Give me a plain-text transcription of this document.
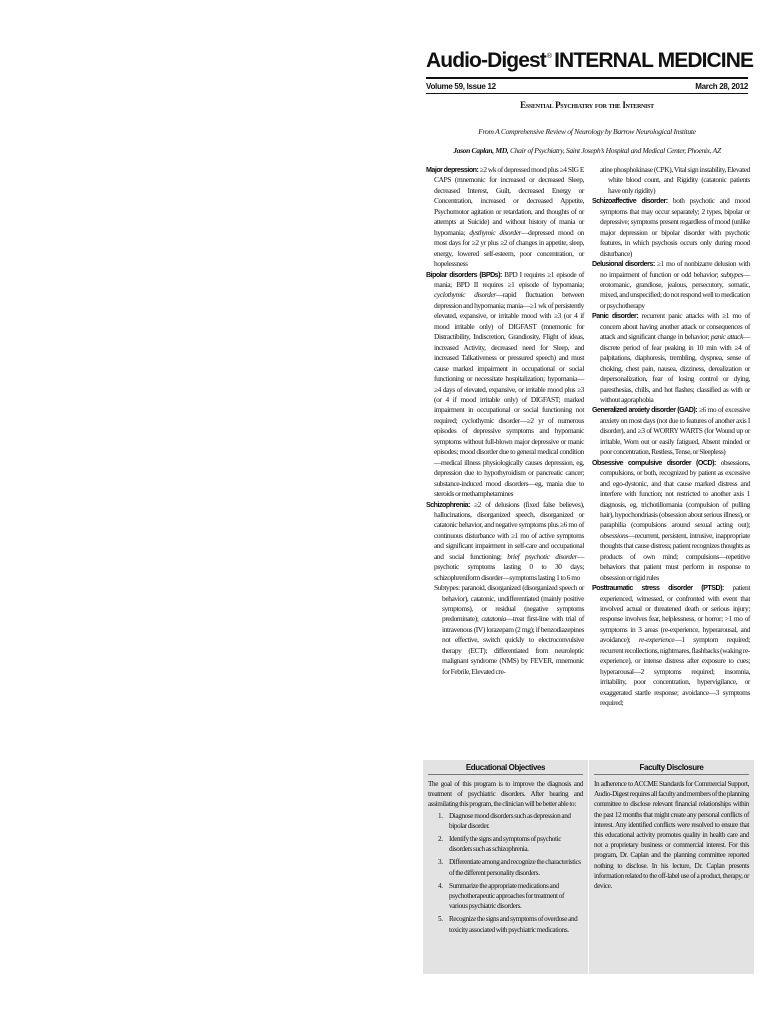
Audio-Digest® INTERNAL MEDICINE
Volume 59, Issue 12	March 28, 2012
Essential Psychiatry for the Internist
From A Comprehensive Review of Neurology by Barrow Neurological Institute
Jason Caplan, MD, Chair of Psychiatry, Saint Joseph’s Hospital and Medical Center, Phoenix, AZ

Major depression: ≥2 wk of depressed mood plus ≥4 SIG E CAPS (mnemonic for increased or decreased Sleep, decreased Interest, Guilt, decreased Energy or Concentration, increased or decreased Appetite, Psychomotor agitation or retardation, and thoughts of or attempts at Suicide) and without history of mania or hypomania; dysthymic disorder—depressed mood on most days for ≥2 yr plus ≥2 of changes in appetite, sleep, energy, lowered self-esteem, poor concentration, or hopelessness

Bipolar disorders (BPDs): BPD I requires ≥1 episode of mania; BPD II requires ≥1 episode of hypomania; cyclothymic disorder—rapid fluctuation between depression and hypomania; mania—≥1 wk of persistently elevated, expansive, or irritable mood with ≥3 (or 4 if mood irritable only) of DIGFAST (mnemonic for Distractibility, Indiscretion, Grandiosity, Flight of ideas, increased Activity, decreased need for Sleep, and increased Talkativeness or pressured speech) and must cause marked impairment in occupational or social functioning or necessitate hospitalization; hypomania—≥4 days of elevated, expansive, or irritable mood plus ≥3 (or 4 if mood irritable only) of DIGFAST; marked impairment in occupational or social functioning not required; cyclothymic disorder—≥2 yr of numerous episodes of depressive symptoms and hypomanic symptoms without full-blown major depressive or manic episodes; mood disorder due to general medical condition—medical illness physiologically causes depression, eg, depression due to hypothyroidism or pancreatic cancer; substance-induced mood disorders—eg, mania due to steroids or methamphetamines

Schizophrenia: ≥2 of delusions (fixed false believes), hallucinations, disorganized speech, disorganized or catatonic behavior, and negative symptoms plus ≥6 mo of continuous disturbance with ≥1 mo of active symptoms and significant impairment in self-care and occupational and social functioning; brief psychotic disorder—psychotic symptoms lasting 0 to 30 days; schizophreniform disorder—symptoms lasting 1 to 6 mo

Subtypes: paranoid, disorganized (disorganized speech or behavior), catatonic, undifferentiated (mainly positive symptoms), or residual (negative symptoms predominate); catatonia—treat first-line with trial of intravenous (IV) lorazepam (2 mg); if benzodiazepines not effective, switch quickly to electroconvulsive therapy (ECT); differentiated from neuroleptic malignant syndrome (NMS) by FEVER, mnemonic for Febrile, Elevated cre-

atine phosphokinase (CPK), Vital sign instability, Elevated white blood count, and Rigidity (catatonic patients have only rigidity)

Schizoaffective disorder: both psychotic and mood symptoms that may occur separately; 2 types, bipolar or depressive; symptoms present regardless of mood (unlike major depression or bipolar disorder with psychotic features, in which psychosis occurs only during mood disturbance)

Delusional disorders: ≥1 mo of nonbizarre delusion with no impairment of function or odd behavior; subtypes—erotomanic, grandiose, jealous, persecutory, somatic, mixed, and unspecified; do not respond well to medication or psychotherapy

Panic disorder: recurrent panic attacks with ≥1 mo of concern about having another attack or consequences of attack and significant change in behavior; panic attack—discrete period of fear peaking in 10 min with ≥4 of palpitations, diaphoresis, trembling, dyspnea, sense of choking, chest pain, nausea, dizziness, derealization or depersonalization, fear of losing control or dying, paresthesias, chills, and hot flashes; classified as with or without agoraphobia

Generalized anxiety disorder (GAD): ≥6 mo of excessive anxiety on most days (not due to features of another axis I disorder), and ≥3 of WORRY WARTS (for Wound up or irritable, Worn out or easily fatigued, Absent minded or poor concentration, Restless, Tense, or Sleepless)

Obsessive compulsive disorder (OCD): obsessions, compulsions, or both, recognized by patient as excessive and ego-dystonic, and that cause marked distress and interfere with function; not restricted to another axis 1 diagnosis, eg, trichotillomania (compulsion of pulling hair), hypochondriasis (obsession about serious illness), or paraphilia (compulsions around sexual acting out); obsessions—recurrent, persistent, intrusive, inappropriate thoughts that cause distress; patient recognizes thoughts as products of own mind; compulsions—repetitive behaviors that patient must perform in response to obsession or rigid rules

Posttraumatic stress disorder (PTSD): patient experienced, witnessed, or confronted with event that involved actual or threatened death or serious injury; response involves fear, helplessness, or horror; >1 mo of symptoms in 3 areas (re-experience, hyperarousal, and avoidance); re-experience—1 symptom required; recurrent recollections, nightmares, flashbacks (waking re-experience), or intense distress after exposure to cues; hyperarousal—2 symptoms required; insomnia, irritability, poor concentration, hypervigilance, or exaggerated startle response; avoidance—3 symptoms required;

Educational Objectives

The goal of this program is to improve the diagnosis and treatment of psychiatric disorders. After hearing and assimilating this program, the clinician will be better able to:

1. Diagnose mood disorders such as depression and bipolar disorder.
2. Identify the signs and symptoms of psychotic disorders such as schizophrenia.
3. Differentiate among and recognize the characteristics of the different personality disorders.
4. Summarize the appropriate medications and psychotherapeutic approaches for treatment of various psychiatric disorders.
5. Recognize the signs and symptoms of overdose and toxicity associated with psychiatric medications.
Faculty Disclosure

In adherence to ACCME Standards for Commercial Support, Audio-Digest requires all faculty and members of the planning committee to disclose relevant financial relationships within the past 12 months that might create any personal conflicts of interest. Any identified conflicts were resolved to ensure that this educational activity promotes quality in health care and not a proprietary business or commercial interest. For this program, Dr. Caplan and the planning committee reported nothing to disclose. In his lecture, Dr. Caplan presents information related to the off-label use of a product, therapy, or device.
